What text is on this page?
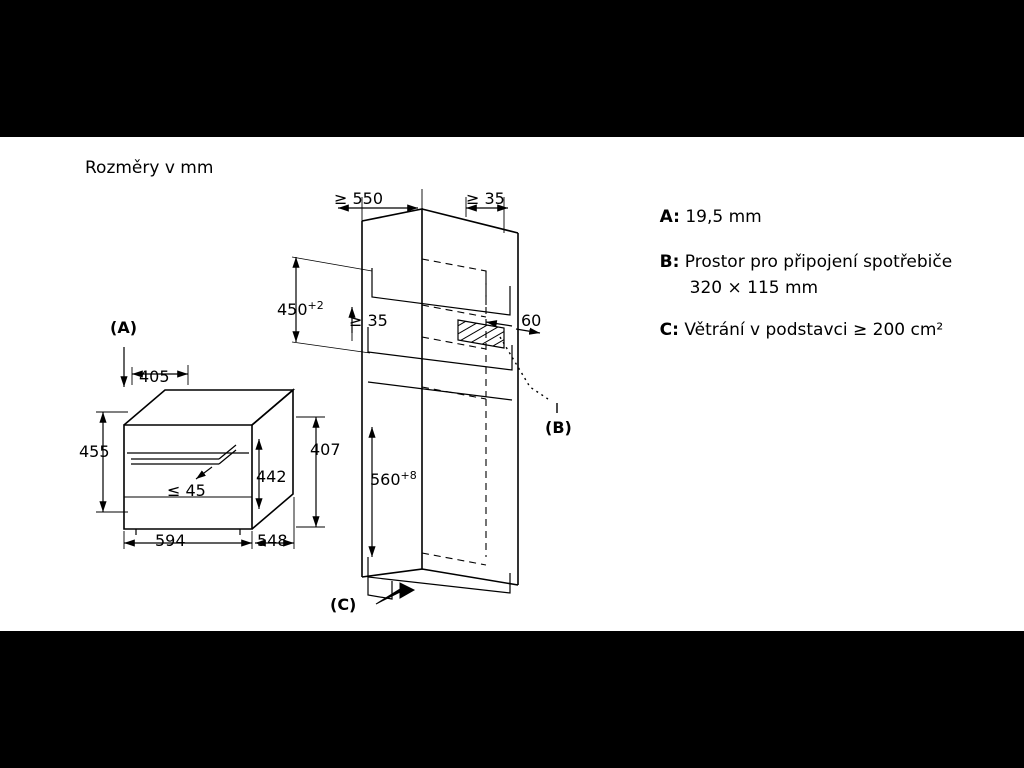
Rozměry v mm

A: 19,5 mm

B: Prostor pro připojení spotřebiče

320 × 115 mm

C: Větrání v podstavci ≥ 200 cm²

(A)
405
455
442
407
≤ 45
594	548
≥ 550	≥ 35
$450^{+2}$
≥ 35	60
$560^{+8}$
(B)
(C)
